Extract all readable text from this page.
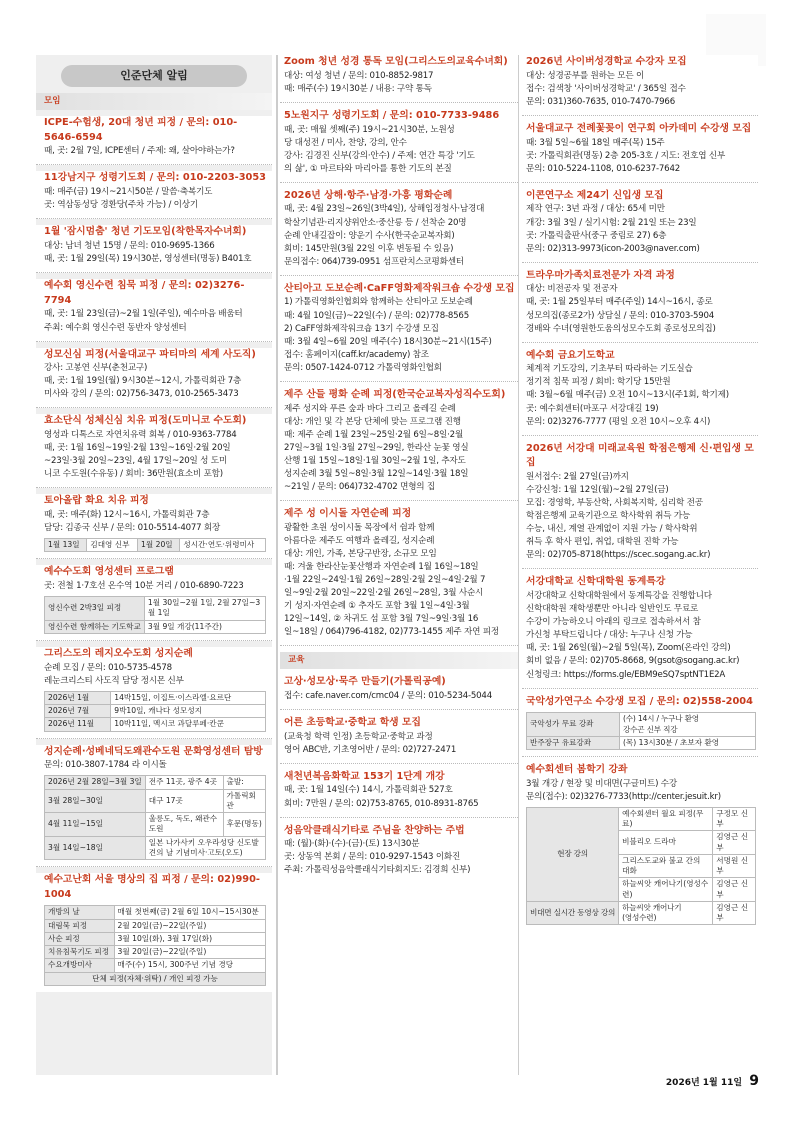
인준단체 알림
모임
ICPE-수험생, 20대 청년 피정 / 문의: 010-5646-6594
때, 곳: 2월 7일, ICPE센터 / 주제: 왜, 살아야하는가?
11강남지구 성령기도회 / 문의: 010-2203-3053
때: 매주(금) 19시~21시50분 / 말씀·축복기도
곳: 역삼동성당 경환당(주차 가능) / 이상기
1월 '잠시멈춤' 청년 기도모임(착한목자수녀회)
대상: 남녀 청년 15명 / 문의: 010-9695-1366
때, 곳: 1월 29일(목) 19시30분, 영성센터(명동) B401호
예수회 영신수련 침묵 피정 / 문의: 02)3276-7794
때, 곳: 1월 23일(금)~2월 1일(주일), 예수마음 배움터
주최: 예수회 영신수련 동반자 양성센터
성모신심 피정(서울대교구 파티마의 세계 사도직)
강사: 고봉연 신부(춘천교구)
때, 곳: 1월 19일(월) 9시30분~12시, 가톨릭회관 7층
미사와 강의 / 문의: 02)756-3473, 010-2565-3473
효소단식 성체신심 치유 피정(도미니코 수도회)
영성과 디톡스로 자연치유력 회복 / 010-9363-7784
때, 곳: 1월 16일~19일·2월 13일~16일·2월 20일
~23일·3월 20일~23일, 4월 17일~20일 성 도미
니코 수도원(수유동) / 회비: 36만원(효소비 포함)
토아올랍 화요 치유 피정
때, 곳: 매주(화) 12시~16시, 가톨릭회관 7층
담당: 김종국 신부 / 문의: 010-5514-4077 회장
1월 13일	김대영 신부	1월 20일	성시간·연도·위령미사
예수수도회 영성센터 프로그램
곳: 전철 1·7호선 온수역 10분 거리 / 010-6890-7223
영신수련 2박3일 피정	1월 30일~2월 1일, 2월 27일~3월 1일
영신수련 함께하는 기도학교	3월 9일 개강(11주간)
그리스도의 레지오수도회 성지순례
순례 모집 / 문의: 010-5735-4578
레눈크리스티 사도직 담당 정시몬 신부
2026년 1월	14박15일, 이집트·이스라엘·요르단
2026년 7월	9박10일, 캐나다 성모성지
2026년 11월	10박11일, 멕시코 과달루페·칸쿤
성지순례·성베네딕도왜관수도원 문화영성센터 탐방
문의: 010-3807-1784 라 이시돌
2026년 2월 28일~3월 3일	전주 11곳, 광주 4곳	출발:
3월 28일~30일	대구 17곳	가톨릭회관
4월 11일~15일	울릉도, 독도, 왜관수도원	후문(명동)
3월 14일~18일	일본 나가사키 오우라성당 신도발견의 날 기념미사·고토(오도)	
예수고난회 서울 명상의 집 피정 / 문의: 02)990-1004
개방의 날	매월 첫번째(금) 2월 6일 10시~15시30분
대림묵 피정	2월 20일(금)~22일(주일)
사순 피정	3월 10일(화), 3월 17일(화)
치유침묵기도 피정	3월 20일(금)~22일(주일)
수요개방미사	매주(수) 15시, 300주년 기념 경당
단체 피정(자체·위탁) / 개인 피정 가능	
Zoom 청년 성경 통독 모임(그리스도의교육수녀회)
대상: 여성 청년 / 문의: 010-8852-9817
때: 매주(수) 19시30분 / 내용: 구약 통독
5노원지구 성령기도회 / 문의: 010-7733-9486
때, 곳: 매월 셋째(주) 19시~21시30분, 노원성
당 대성전 / 미사, 찬양, 강의, 안수
강사: 김경진 신부(강의·안수) / 주제: 연간 특강 '기도
의 삶', ① 마르타와 마리아를 통한 기도의 본질
2026년 상해·항주·남경·가흥 평화순례
때, 곳: 4월 23일~26일(3박4일), 상해임정청사·남경대
학살기념관·리지샹위안소·중산릉 등 / 선착순 20명
순례 안내길잡이: 양운기 수사(한국순교복자회)
회비: 145만원(3월 22일 이후 변동될 수 있음)
문의접수: 064)739-0951 섬프란치스코평화센터
산티아고 도보순례·CaFF영화제작워크숍 수강생 모집
1) 가톨릭영화인협회와 함께하는 산티아고 도보순례
때: 4월 10일(금)~22일(수) / 문의: 02)778-8565
2) CaFF영화제작워크숍 13기 수강생 모집
때: 3월 4일~6월 20일 매주(수) 18시30분~21시(15주)
접수: 홈페이지(caff.kr/academy) 참조
문의: 0507-1424-0712 가톨릭영화인협회
제주 산들 평화 순례 피정(한국순교복자성직수도회)
제주 성지와 푸른 숲과 바다 그리고 올레길 순례
대상: 개인 및 각 본당 단체에 맞는 프로그램 진행
때: 제주 순례 1월 23일~25일·2월 6일~8일·2월
27일~3월 1일·3월 27일~29일, 한라산 눈꽃 영실
산행 1월 15일~18일·1월 30일~2월 1일, 추자도
성지순례 3월 5일~8일·3월 12일~14일·3월 18일
~21일 / 문의: 064)732-4702 면형의 집
제주 성 이시돌 자연순례 피정
광활한 초원 성이시돌 목장에서 쉼과 함께
아름다운 제주도 여행과 올레길, 성지순례
대상: 개인, 가족, 본당구반장, 소규모 모임
때: 겨울 한라산눈꽃산행과 자연순례 1월 16일~18일
·1월 22일~24일·1월 26일~28일·2월 2일~4일·2월 7
일~9일·2월 20일~22일·2월 26일~28일, 3월 사순시
기 성지·자연순례 ① 추자도 포함 3월 1일~4일·3월
12일~14일, ② 차귀도 섬 포함 3월 7일~9일·3월 16
일~18일 / 064)796-4182, 02)773-1455 제주 자연 피정
교육
고상·성모상·묵주 만들기(가톨릭공예)
접수: cafe.naver.com/cmc04 / 문의: 010-5234-5044
어른 초등학교·중학교 학생 모집
(교육청 학력 인정) 초등학교·중학교 과정
영어 ABC반, 기초영어반 / 문의: 02)727-2471
새천년복음화학교 153기 1단계 개강
때, 곳: 1월 14일(수) 14시, 가톨릭회관 527호
회비: 7만원 / 문의: 02)753-8765, 010-8931-8765
성음악클래식기타로 주님을 찬양하는 주법
때: (월)·(화)·(수)·(금)·(토) 13시30분
곳: 상동역 본회 / 문의: 010-9297-1543 이화진
주최: 가톨릭성음악클래식기타회지도: 김경희 신부)
2026년 사이버성경학교 수강자 모집
대상: 성경공부를 원하는 모든 이
접수: 검색창 '사이버성경학교' / 365일 접수
문의: 031)360-7635, 010-7470-7966
서울대교구 전례꽃꽂이 연구회 아카데미 수강생 모집
때: 3월 5일~6월 18일 매주(목) 15주
곳: 가톨릭회관(명동) 2층 205-3호 / 지도: 전호엽 신부
문의: 010-5224-1108, 010-6237-7642
이콘연구소 제24기 신입생 모집
제작 연구: 3년 과정 / 대상: 65세 미만
개강: 3월 3일 / 실기시험: 2월 21일 또는 23일
곳: 가톨릭출판사(중구 중림로 27) 6층
문의: 02)313-9973(icon-2003@naver.com)
트라우마가족치료전문가 자격 과정
대상: 비전공자 및 전공자
때, 곳: 1월 25일부터 매주(주일) 14시~16시, 종로
성모의집(종로2가) 상담실 / 문의: 010-3703-5904
경배와 수녀(영원한도움의성모수도회 종로성모의집)
예수회 금요기도학교
체계적 기도강의, 기초부터 따라하는 기도실습
정기적 침묵 피정 / 회비: 학기당 15만원
때: 3월~6월 매주(금) 오전 10시~13시(주1회, 학기제)
곳: 예수회센터(마포구 서강대길 19)
문의: 02)3276-7777 (평일 오전 10시~오후 4시)
2026년 서강대 미래교육원 학점은행제 신·편입생 모집
원서접수: 2월 27일(금)까지
수강신청: 1월 12일(월)~2월 27일(금)
모집: 경영학, 부동산학, 사회복지학, 심리학 전공
학점은행제 교육기관으로 학사학위 취득 가능
수능, 내신, 계열 관계없이 지원 가능 / 학사학위
취득 후 학사 편입, 취업, 대학원 진학 가능
문의: 02)705-8718(https://scec.sogang.ac.kr)
서강대학교 신학대학원 동계특강
서강대학교 신학대학원에서 동계특강을 진행합니다
신학대학원 재학생뿐만 아니라 일반인도 무료로
수강이 가능하오니 아래의 링크로 접속하셔서 참
가신청 부탁드립니다 / 대상: 누구나 신청 가능
때, 곳: 1월 26일(월)~2월 5일(목), Zoom(온라인 강의)
회비 없음 / 문의: 02)705-8668, 9(gsot@sogang.ac.kr)
신청링크: https://forms.gle/EBM9eSQ7sptNT1E2A
국악성가연구소 수강생 모집 / 문의: 02)558-2004
국악성가 무료 강좌	(수) 14시 / 누구나 환영
강수곤 신부 직강
반주장구 유료강좌	(목) 13시30분 / 초보자 환영
예수회센터 봄학기 강좌
3월 개강 / 현장 및 비대면(구글미트) 수강
문의(접수): 02)3276-7733(http://center.jesuit.kr)
현장 강의	예수회센터 월요 피정(무료)	구정모 신부
	비블리오 드라마	김영근 신부
	그리스도교와 불교 간의 대화	서명원 신부
	하늘씨앗 캐어나기(영성수련)	김영근 신부
비대면 실시간 동영상 강의	하늘씨앗 캐어나기
(영성수련)	김영근 신부
2026년 1월 11일 9
